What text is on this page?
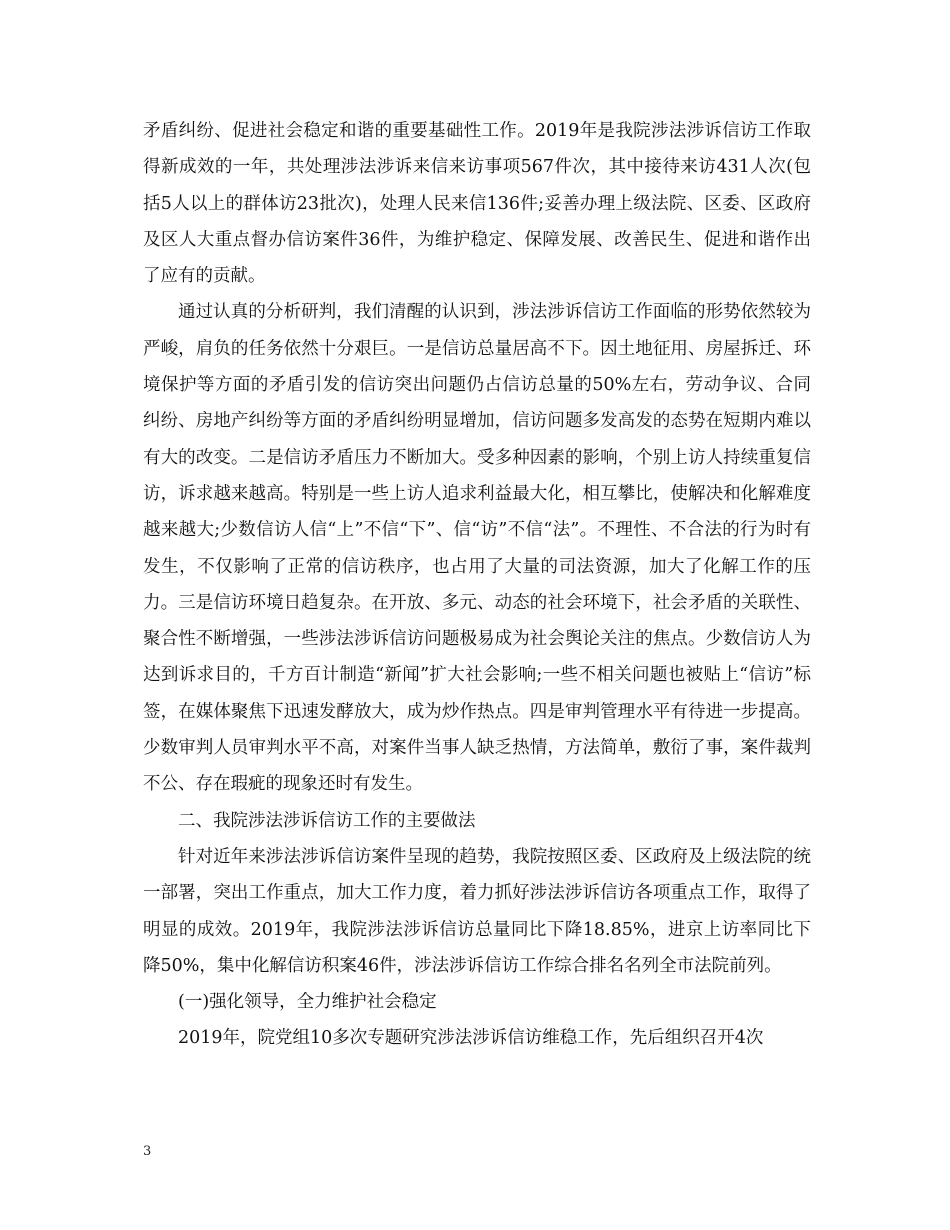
矛盾纠纷、促进社会稳定和谐的重要基础性工作。2019年是我院涉法涉诉信访工作取得新成效的一年，共处理涉法涉诉来信来访事项567件次，其中接待来访431人次(包括5人以上的群体访23批次)，处理人民来信136件;妥善办理上级法院、区委、区政府及区人大重点督办信访案件36件，为维护稳定、保障发展、改善民生、促进和谐作出了应有的贡献。

通过认真的分析研判，我们清醒的认识到，涉法涉诉信访工作面临的形势依然较为严峻，肩负的任务依然十分艰巨。一是信访总量居高不下。因土地征用、房屋拆迁、环境保护等方面的矛盾引发的信访突出问题仍占信访总量的50%左右，劳动争议、合同纠纷、房地产纠纷等方面的矛盾纠纷明显增加，信访问题多发高发的态势在短期内难以有大的改变。二是信访矛盾压力不断加大。受多种因素的影响，个别上访人持续重复信访，诉求越来越高。特别是一些上访人追求利益最大化，相互攀比，使解决和化解难度越来越大;少数信访人信“上”不信“下”、信“访”不信“法”。不理性、不合法的行为时有发生，不仅影响了正常的信访秩序，也占用了大量的司法资源，加大了化解工作的压力。三是信访环境日趋复杂。在开放、多元、动态的社会环境下，社会矛盾的关联性、聚合性不断增强，一些涉法涉诉信访问题极易成为社会舆论关注的焦点。少数信访人为达到诉求目的，千方百计制造“新闻”扩大社会影响;一些不相关问题也被贴上“信访”标签，在媒体聚焦下迅速发酵放大，成为炒作热点。四是审判管理水平有待进一步提高。少数审判人员审判水平不高，对案件当事人缺乏热情，方法简单，敷衍了事，案件裁判不公、存在瑕疵的现象还时有发生。

二、我院涉法涉诉信访工作的主要做法

针对近年来涉法涉诉信访案件呈现的趋势，我院按照区委、区政府及上级法院的统一部署，突出工作重点，加大工作力度，着力抓好涉法涉诉信访各项重点工作，取得了明显的成效。2019年，我院涉法涉诉信访总量同比下降18.85%，进京上访率同比下降50%，集中化解信访积案46件，涉法涉诉信访工作综合排名名列全市法院前列。

(一)强化领导，全力维护社会稳定

2019年，院党组10多次专题研究涉法涉诉信访维稳工作，先后组织召开4次

3
